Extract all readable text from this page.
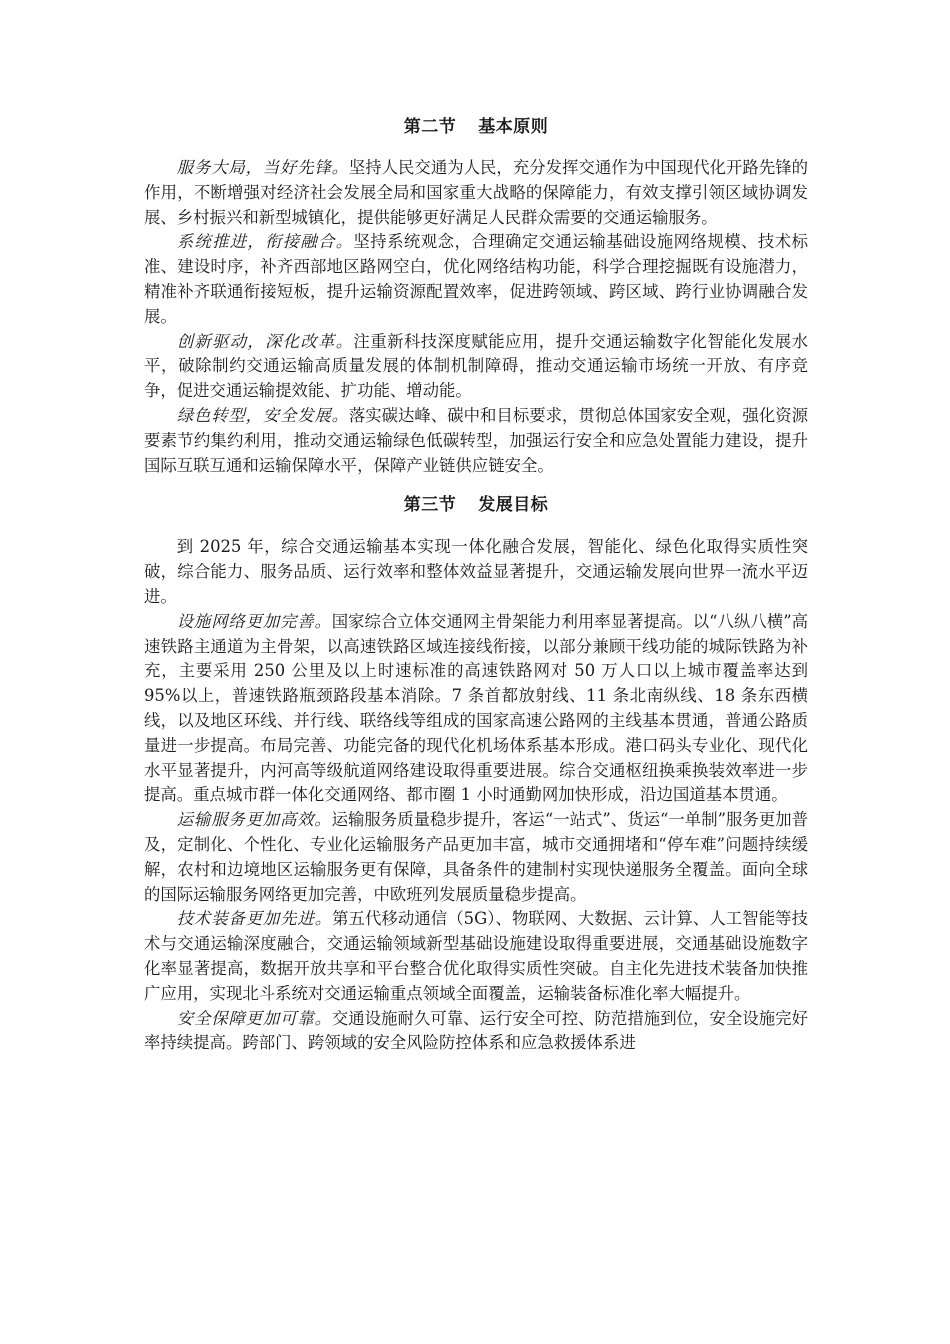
第二节 基本原则

服务大局，当好先锋。坚持人民交通为人民，充分发挥交通作为中国现代化开路先锋的作用，不断增强对经济社会发展全局和国家重大战略的保障能力，有效支撑引领区域协调发展、乡村振兴和新型城镇化，提供能够更好满足人民群众需要的交通运输服务。

系统推进，衔接融合。坚持系统观念，合理确定交通运输基础设施网络规模、技术标准、建设时序，补齐西部地区路网空白，优化网络结构功能，科学合理挖掘既有设施潜力，精准补齐联通衔接短板，提升运输资源配置效率，促进跨领域、跨区域、跨行业协调融合发展。

创新驱动，深化改革。注重新科技深度赋能应用，提升交通运输数字化智能化发展水平，破除制约交通运输高质量发展的体制机制障碍，推动交通运输市场统一开放、有序竞争，促进交通运输提效能、扩功能、增动能。

绿色转型，安全发展。落实碳达峰、碳中和目标要求，贯彻总体国家安全观，强化资源要素节约集约利用，推动交通运输绿色低碳转型，加强运行安全和应急处置能力建设，提升国际互联互通和运输保障水平，保障产业链供应链安全。

第三节 发展目标

到 2025 年，综合交通运输基本实现一体化融合发展，智能化、绿色化取得实质性突破，综合能力、服务品质、运行效率和整体效益显著提升，交通运输发展向世界一流水平迈进。

设施网络更加完善。国家综合立体交通网主骨架能力利用率显著提高。以“八纵八横”高速铁路主通道为主骨架，以高速铁路区域连接线衔接，以部分兼顾干线功能的城际铁路为补充，主要采用 250 公里及以上时速标准的高速铁路网对 50 万人口以上城市覆盖率达到 95%以上，普速铁路瓶颈路段基本消除。7 条首都放射线、11 条北南纵线、18 条东西横线，以及地区环线、并行线、联络线等组成的国家高速公路网的主线基本贯通，普通公路质量进一步提高。布局完善、功能完备的现代化机场体系基本形成。港口码头专业化、现代化水平显著提升，内河高等级航道网络建设取得重要进展。综合交通枢纽换乘换装效率进一步提高。重点城市群一体化交通网络、都市圈 1 小时通勤网加快形成，沿边国道基本贯通。

运输服务更加高效。运输服务质量稳步提升，客运“一站式”、货运“一单制”服务更加普及，定制化、个性化、专业化运输服务产品更加丰富，城市交通拥堵和“停车难”问题持续缓解，农村和边境地区运输服务更有保障，具备条件的建制村实现快递服务全覆盖。面向全球的国际运输服务网络更加完善，中欧班列发展质量稳步提高。

技术装备更加先进。第五代移动通信（5G）、物联网、大数据、云计算、人工智能等技术与交通运输深度融合，交通运输领域新型基础设施建设取得重要进展，交通基础设施数字化率显著提高，数据开放共享和平台整合优化取得实质性突破。自主化先进技术装备加快推广应用，实现北斗系统对交通运输重点领域全面覆盖，运输装备标准化率大幅提升。

安全保障更加可靠。交通设施耐久可靠、运行安全可控、防范措施到位，安全设施完好率持续提高。跨部门、跨领域的安全风险防控体系和应急救援体系进
